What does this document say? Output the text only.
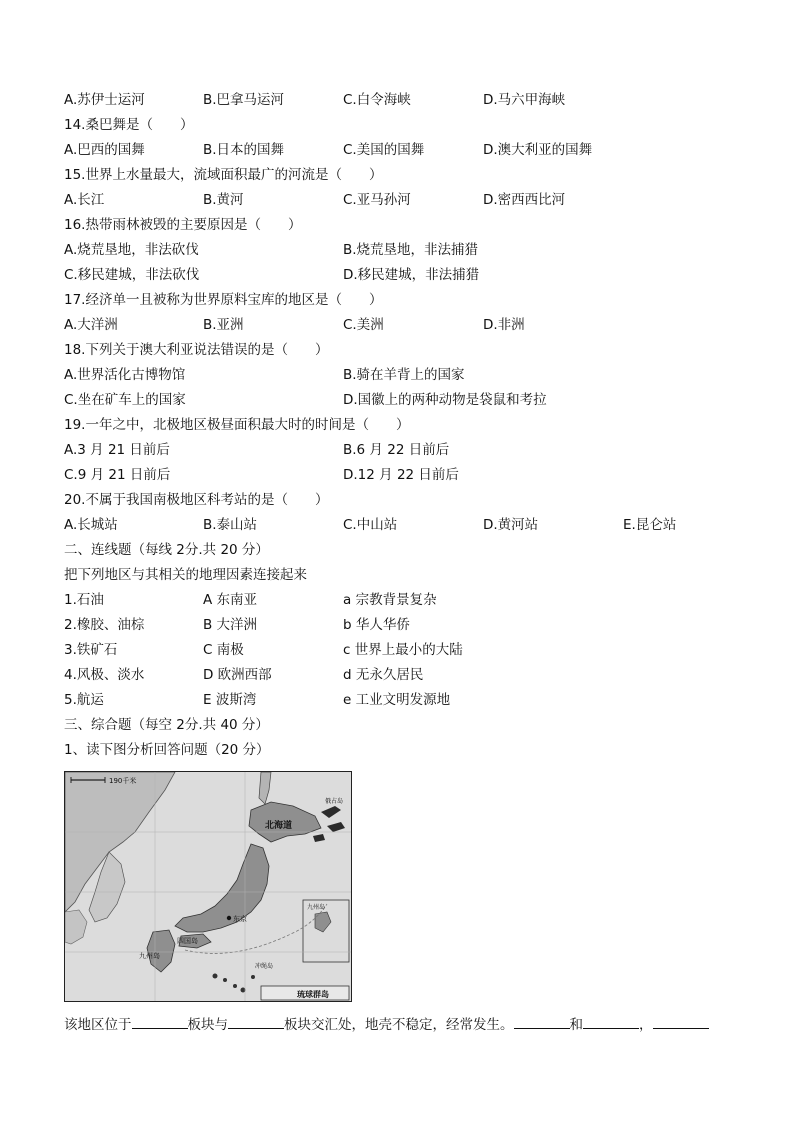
A.苏伊士运河	B.巴拿马运河	C.白令海峡	D.马六甲海峡
14.桑巴舞是（　　）
A.巴西的国舞	B.日本的国舞	C.美国的国舞	D.澳大利亚的国舞
15.世界上水量最大，流域面积最广的河流是（　　）
A.长江	B.黄河	C.亚马孙河	D.密西西比河
16.热带雨林被毁的主要原因是（　　）
A.烧荒垦地，非法砍伐	B.烧荒垦地，非法捕猎
C.移民建城，非法砍伐	D.移民建城，非法捕猎
17.经济单一且被称为世界原料宝库的地区是（　　）
A.大洋洲	B.亚洲	C.美洲	D.非洲
18.下列关于澳大利亚说法错误的是（　　）
A.世界活化古博物馆	B.骑在羊背上的国家
C.坐在矿车上的国家	D.国徽上的两种动物是袋鼠和考拉
19.一年之中，北极地区极昼面积最大时的时间是（　　）
A.3 月 21 日前后	B.6 月 22 日前后
C.9 月 21 日前后	D.12 月 22 日前后
20.不属于我国南极地区科考站的是（　　）
A.长城站	B.泰山站	C.中山站	D.黄河站	E.昆仑站
二、连线题（每线 2分.共 20 分）
把下列地区与其相关的地理因素连接起来
1.石油	A 东南亚	a 宗教背景复杂
2.橡胶、油棕	B 大洋洲	b 华人华侨
3.铁矿石	C 南极	c 世界上最小的大陆
4.风极、淡水	D 欧洲西部	d 无永久居民
5.航运	E 波斯湾	e 工业文明发源地
三、综合题（每空 2分.共 40 分）
1、读下图分析回答问题（20 分）
190千米
北海道
俄占岛
东京
九州岛
四国岛
九州岛
冲绳岛
琉球群岛
该地区位于	板块与	板块交汇处，地壳不稳定，经常发生。	和	，
